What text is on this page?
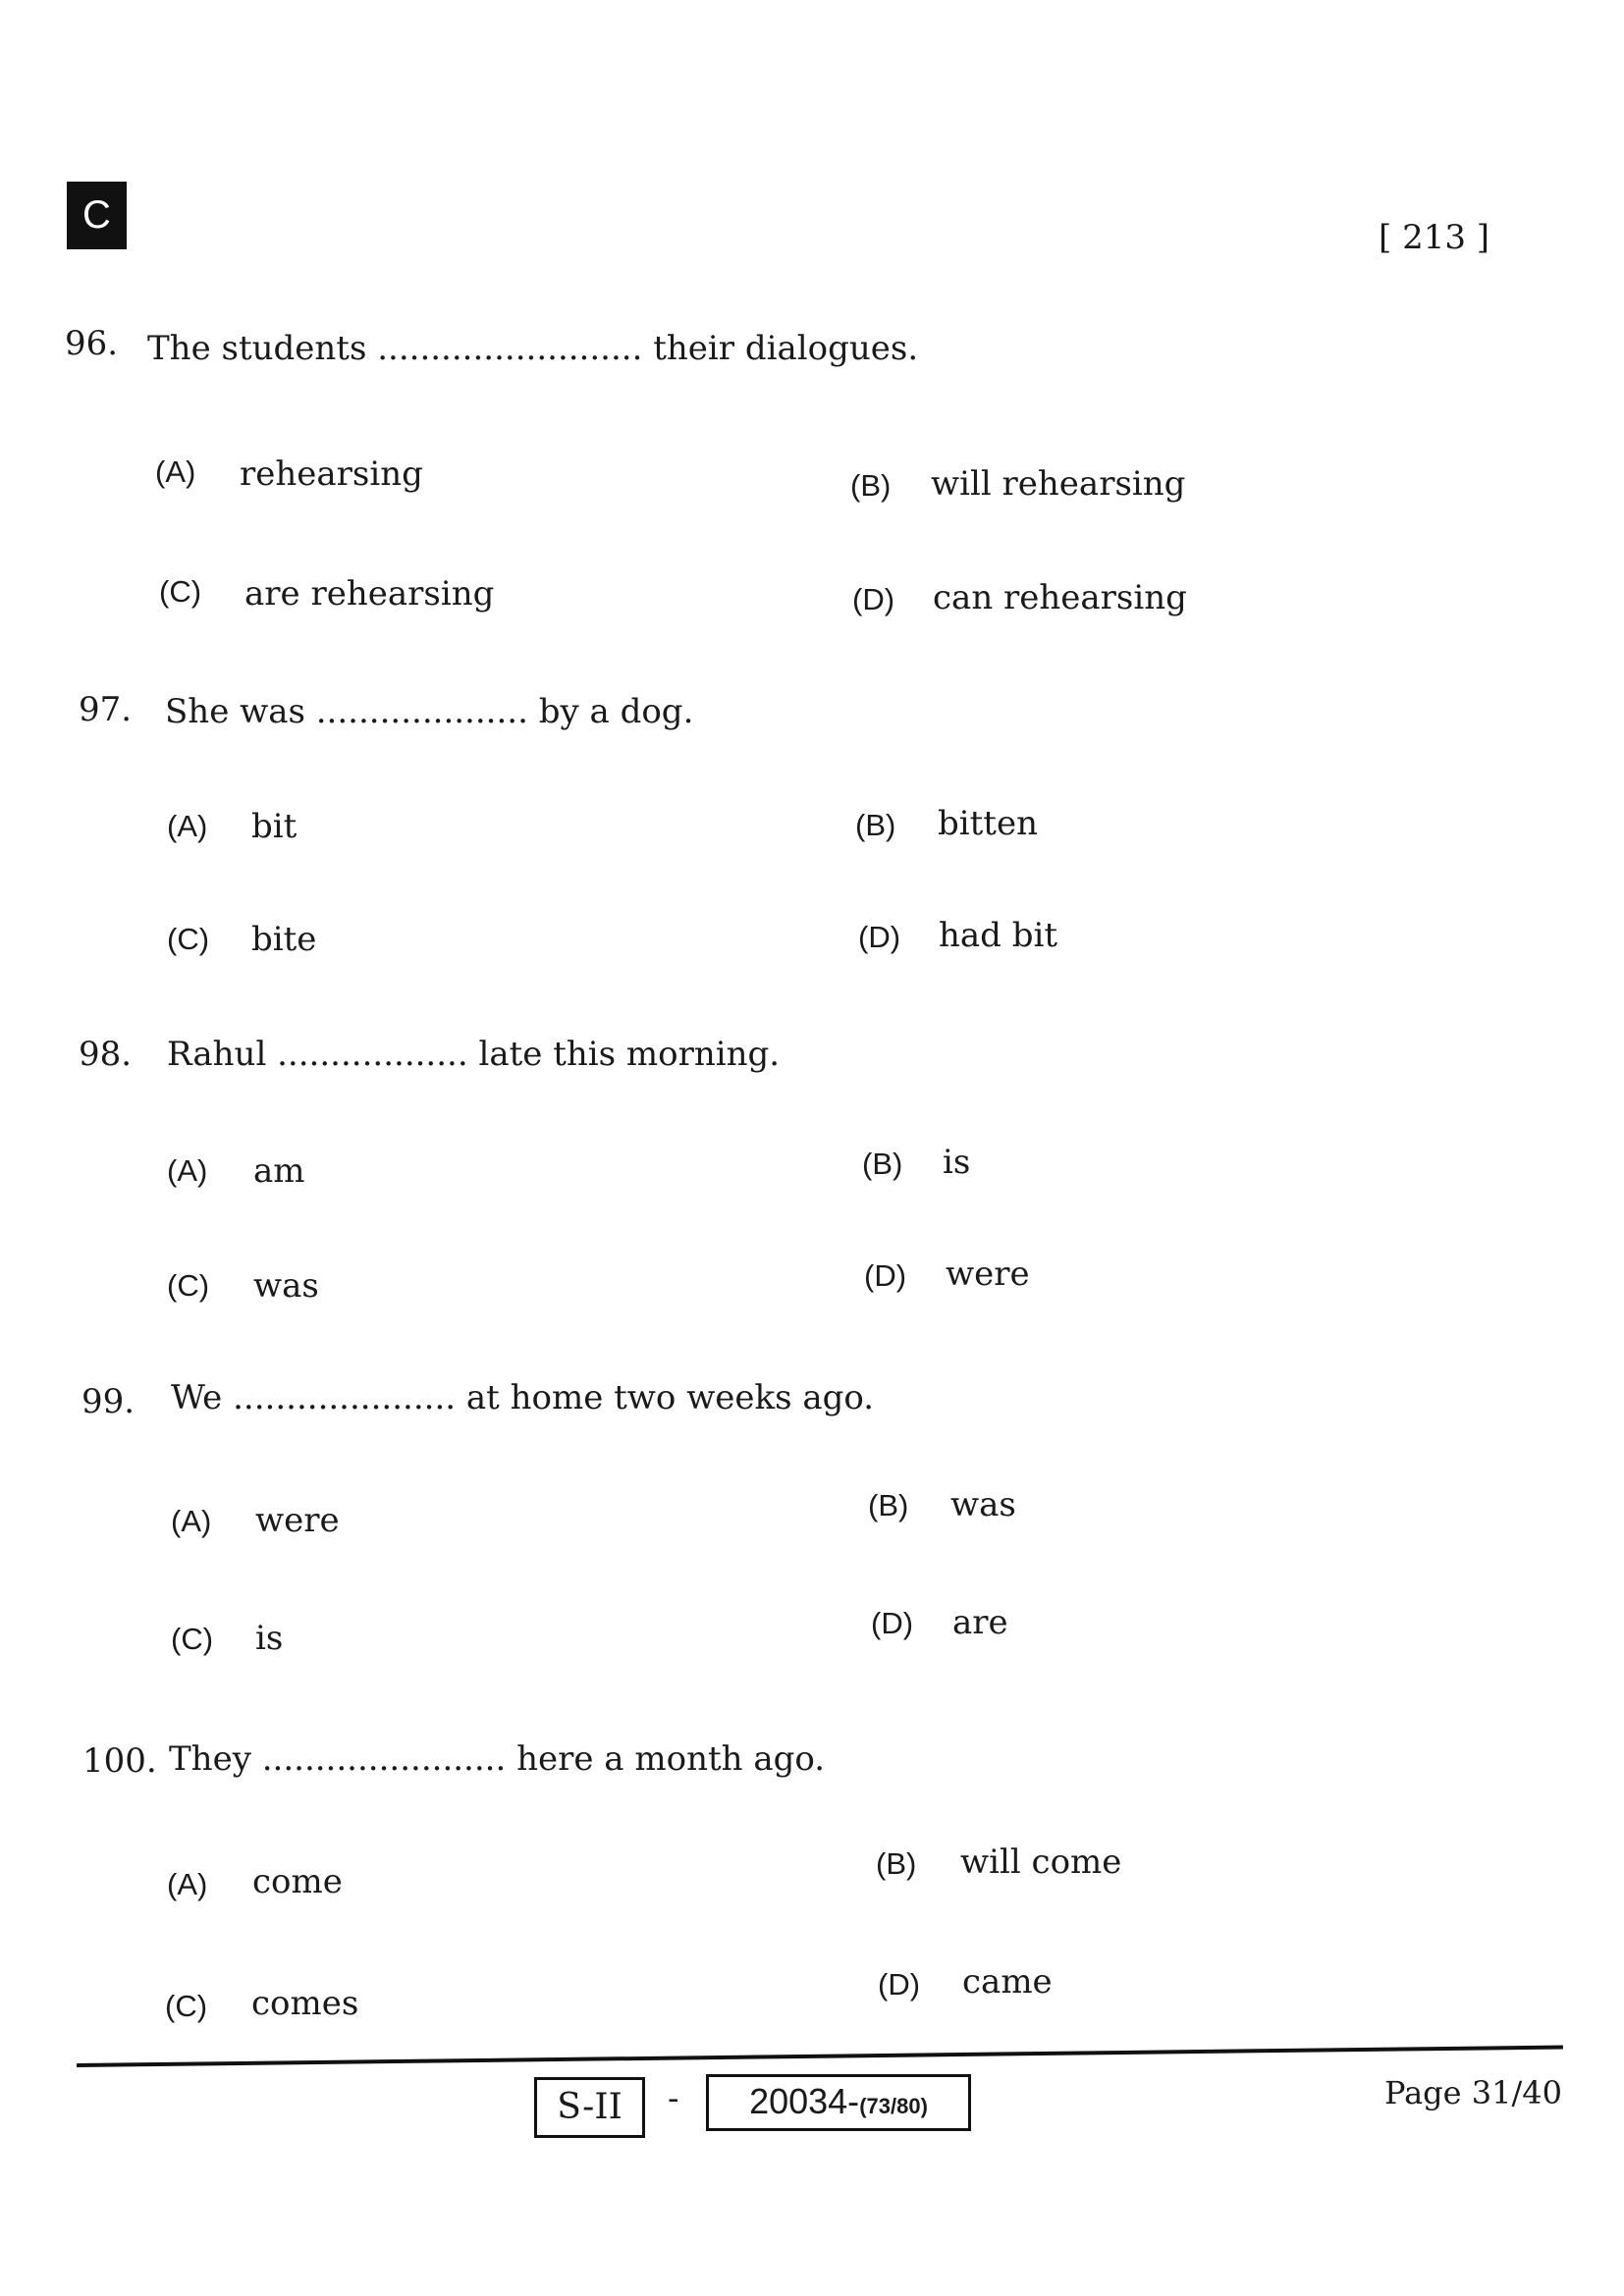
C
[ 213 ]
96. The students ......................... their dialogues.
(A) rehearsing	(B) will rehearsing
(C) are rehearsing	(D) can rehearsing
97. She was .................... by a dog.
(A) bit	(B) bitten
(C) bite	(D) had bit
98. Rahul .................. late this morning.
(A) am	(B) is
(C) was	(D) were
99. We ..................... at home two weeks ago.
(A) were	(B) was
(C) is	(D) are
100. They ....................... here a month ago.
(A) come	(B) will come
(C) comes	(D) came
S-II	-	20034-(73/80)	Page 31/40
